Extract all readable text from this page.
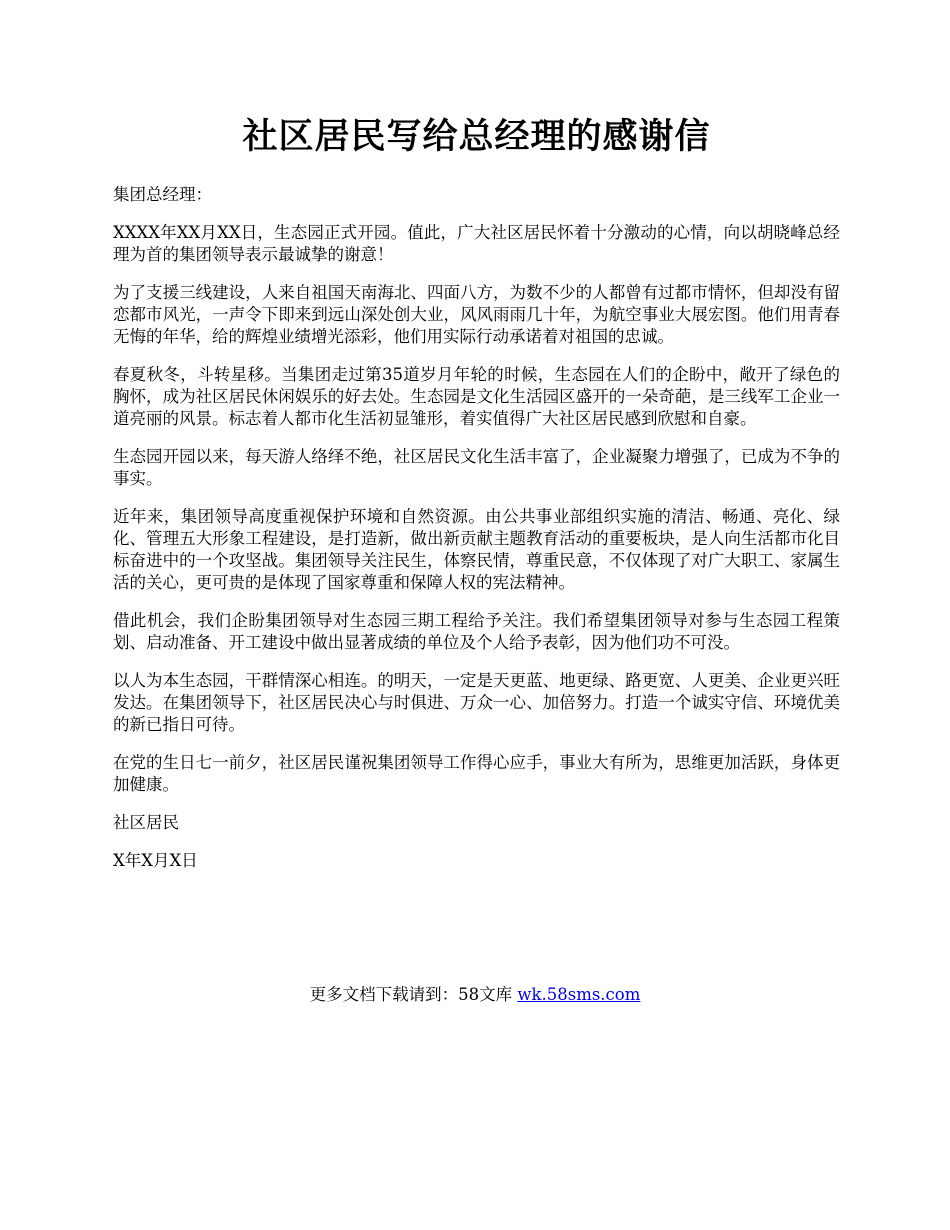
社区居民写给总经理的感谢信

集团总经理：

XXXX年XX月XX日，生态园正式开园。值此，广大社区居民怀着十分激动的心情，向以胡晓峰总经理为首的集团领导表示最诚挚的谢意！

为了支援三线建设，人来自祖国天南海北、四面八方，为数不少的人都曾有过都市情怀，但却没有留恋都市风光，一声令下即来到远山深处创大业，风风雨雨几十年，为航空事业大展宏图。他们用青春无悔的年华，给的辉煌业绩增光添彩，他们用实际行动承诺着对祖国的忠诚。

春夏秋冬，斗转星移。当集团走过第35道岁月年轮的时候，生态园在人们的企盼中，敞开了绿色的胸怀，成为社区居民休闲娱乐的好去处。生态园是文化生活园区盛开的一朵奇葩，是三线军工企业一道亮丽的风景。标志着人都市化生活初显雏形，着实值得广大社区居民感到欣慰和自豪。

生态园开园以来，每天游人络绎不绝，社区居民文化生活丰富了，企业凝聚力增强了，已成为不争的事实。

近年来，集团领导高度重视保护环境和自然资源。由公共事业部组织实施的清洁、畅通、亮化、绿化、管理五大形象工程建设，是打造新，做出新贡献主题教育活动的重要板块，是人向生活都市化目标奋进中的一个攻坚战。集团领导关注民生，体察民情，尊重民意，不仅体现了对广大职工、家属生活的关心，更可贵的是体现了国家尊重和保障人权的宪法精神。

借此机会，我们企盼集团领导对生态园三期工程给予关注。我们希望集团领导对参与生态园工程策划、启动准备、开工建设中做出显著成绩的单位及个人给予表彰，因为他们功不可没。

以人为本生态园，干群情深心相连。的明天，一定是天更蓝、地更绿、路更宽、人更美、企业更兴旺发达。在集团领导下，社区居民决心与时俱进、万众一心、加倍努力。打造一个诚实守信、环境优美的新已指日可待。

在党的生日七一前夕，社区居民谨祝集团领导工作得心应手，事业大有所为，思维更加活跃，身体更加健康。

社区居民

X年X月X日

更多文档下载请到：58文库 wk.58sms.com
